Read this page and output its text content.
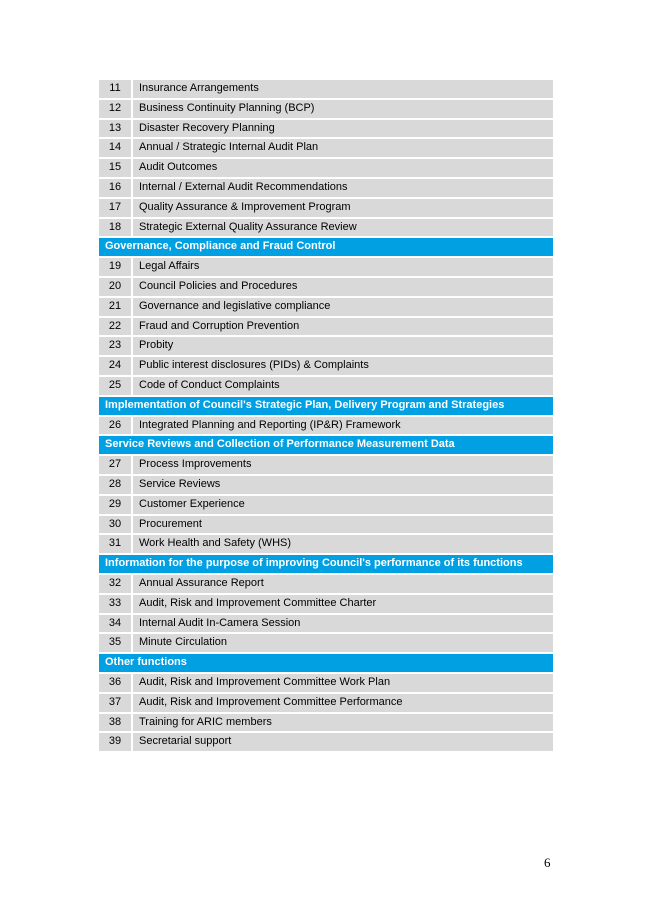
11	Insurance Arrangements
12	Business Continuity Planning (BCP)
13	Disaster Recovery Planning
14	Annual / Strategic Internal Audit Plan
15	Audit Outcomes
16	Internal / External Audit Recommendations
17	Quality Assurance & Improvement Program
18	Strategic External Quality Assurance Review
Governance, Compliance and Fraud Control	
19	Legal Affairs
20	Council Policies and Procedures
21	Governance and legislative compliance
22	Fraud and Corruption Prevention
23	Probity
24	Public interest disclosures (PIDs) & Complaints
25	Code of Conduct Complaints
Implementation of Council's Strategic Plan, Delivery Program and Strategies	
26	Integrated Planning and Reporting (IP&R) Framework
Service Reviews and Collection of Performance Measurement Data	
27	Process Improvements
28	Service Reviews
29	Customer Experience
30	Procurement
31	Work Health and Safety (WHS)
Information for the purpose of improving Council's performance of its functions	
32	Annual Assurance Report
33	Audit, Risk and Improvement Committee Charter
34	Internal Audit In-Camera Session
35	Minute Circulation
Other functions	
36	Audit, Risk and Improvement Committee Work Plan
37	Audit, Risk and Improvement Committee Performance
38	Training for ARIC members
39	Secretarial support
6
